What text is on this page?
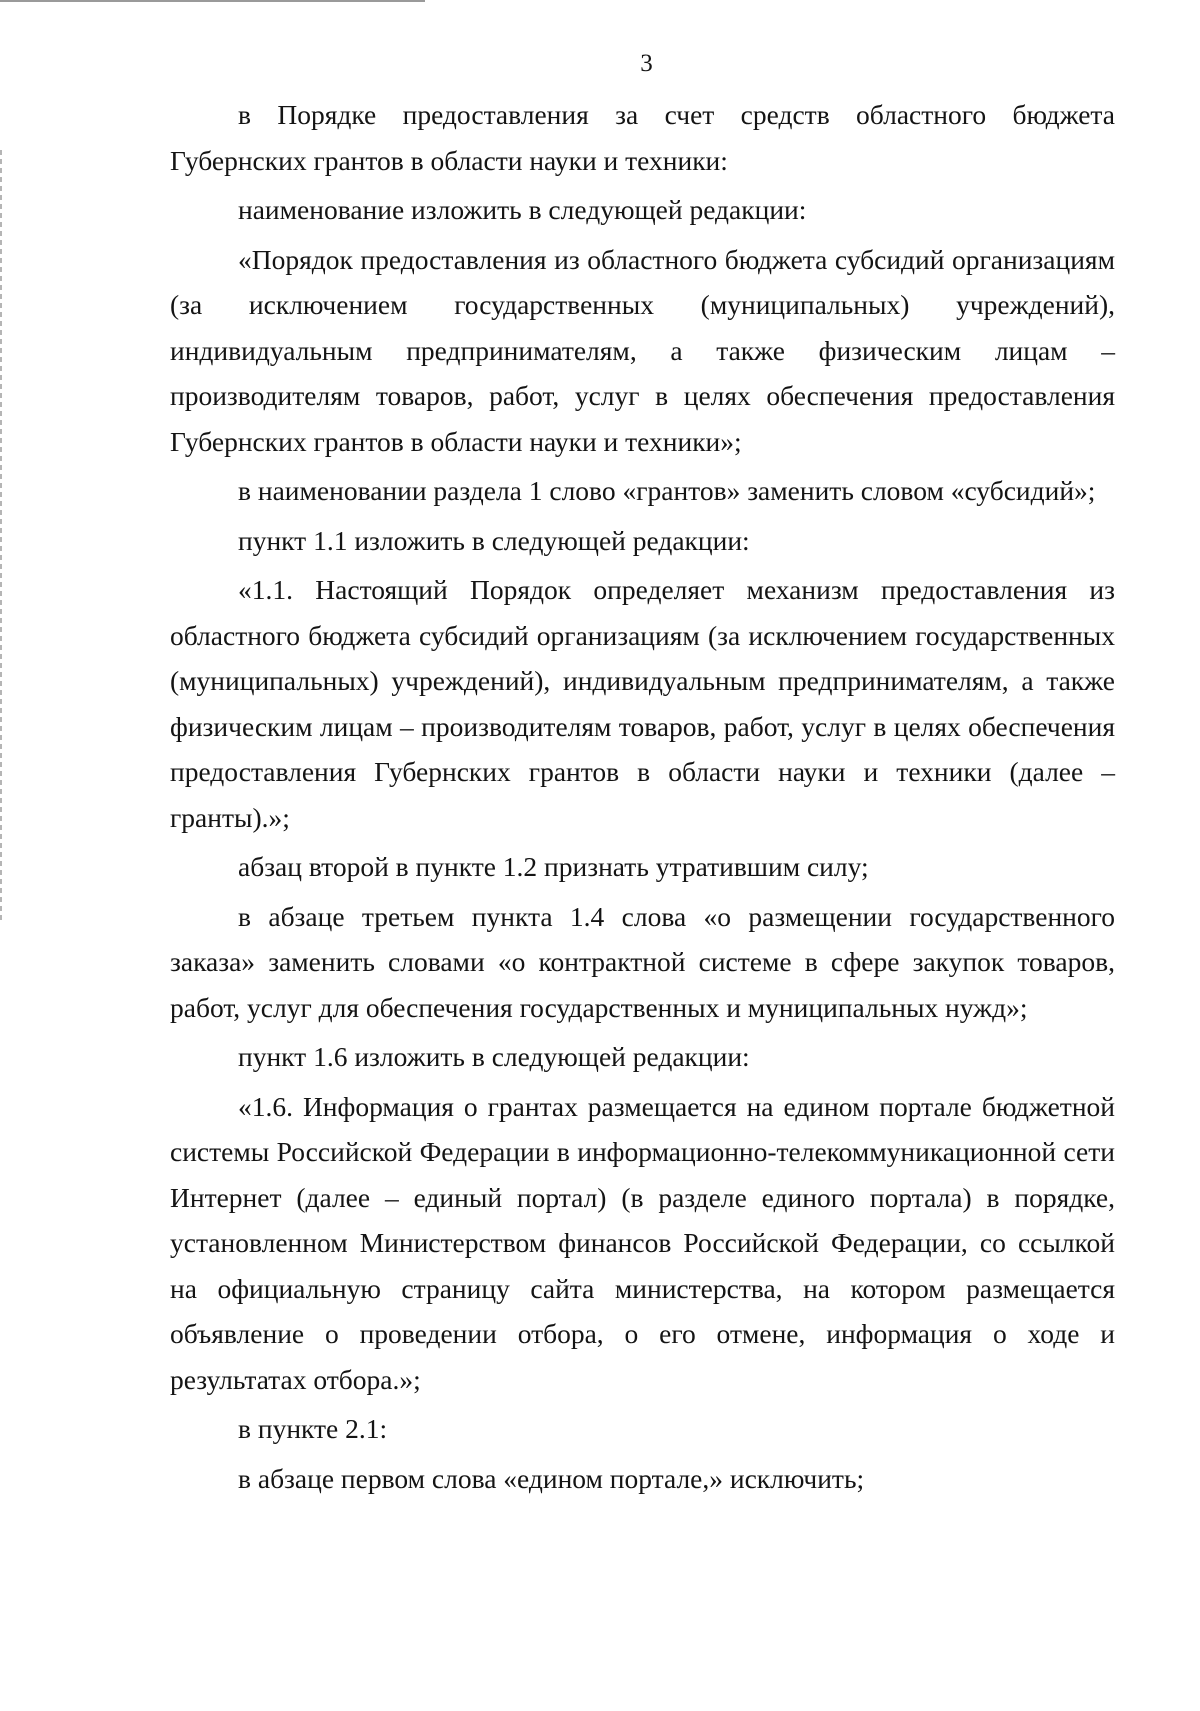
3

в Порядке предоставления за счет средств областного бюджета Губернских грантов в области науки и техники:

наименование изложить в следующей редакции:

«Порядок предоставления из областного бюджета субсидий организациям (за исключением государственных (муниципальных) учреждений), индивидуальным предпринимателям, а также физическим лицам – производителям товаров, работ, услуг в целях обеспечения предоставления Губернских грантов в области науки и техники»;

в наименовании раздела 1 слово «грантов» заменить словом «субсидий»;

пункт 1.1 изложить в следующей редакции:

«1.1. Настоящий Порядок определяет механизм предоставления из областного бюджета субсидий организациям (за исключением государственных (муниципальных) учреждений), индивидуальным предпринимателям, а также физическим лицам – производителям товаров, работ, услуг в целях обеспечения предоставления Губернских грантов в области науки и техники (далее – гранты).»;

абзац второй в пункте 1.2 признать утратившим силу;

в абзаце третьем пункта 1.4 слова «о размещении государственного заказа» заменить словами «о контрактной системе в сфере закупок товаров, работ, услуг для обеспечения государственных и муниципальных нужд»;

пункт 1.6 изложить в следующей редакции:

«1.6. Информация о грантах размещается на едином портале бюджетной системы Российской Федерации в информационно-телекоммуникационной сети Интернет (далее – единый портал) (в разделе единого портала) в порядке, установленном Министерством финансов Российской Федерации, со ссылкой на официальную страницу сайта министерства, на котором размещается объявление о проведении отбора, о его отмене, информация о ходе и результатах отбора.»;

в пункте 2.1:

в абзаце первом слова «едином портале,» исключить;
